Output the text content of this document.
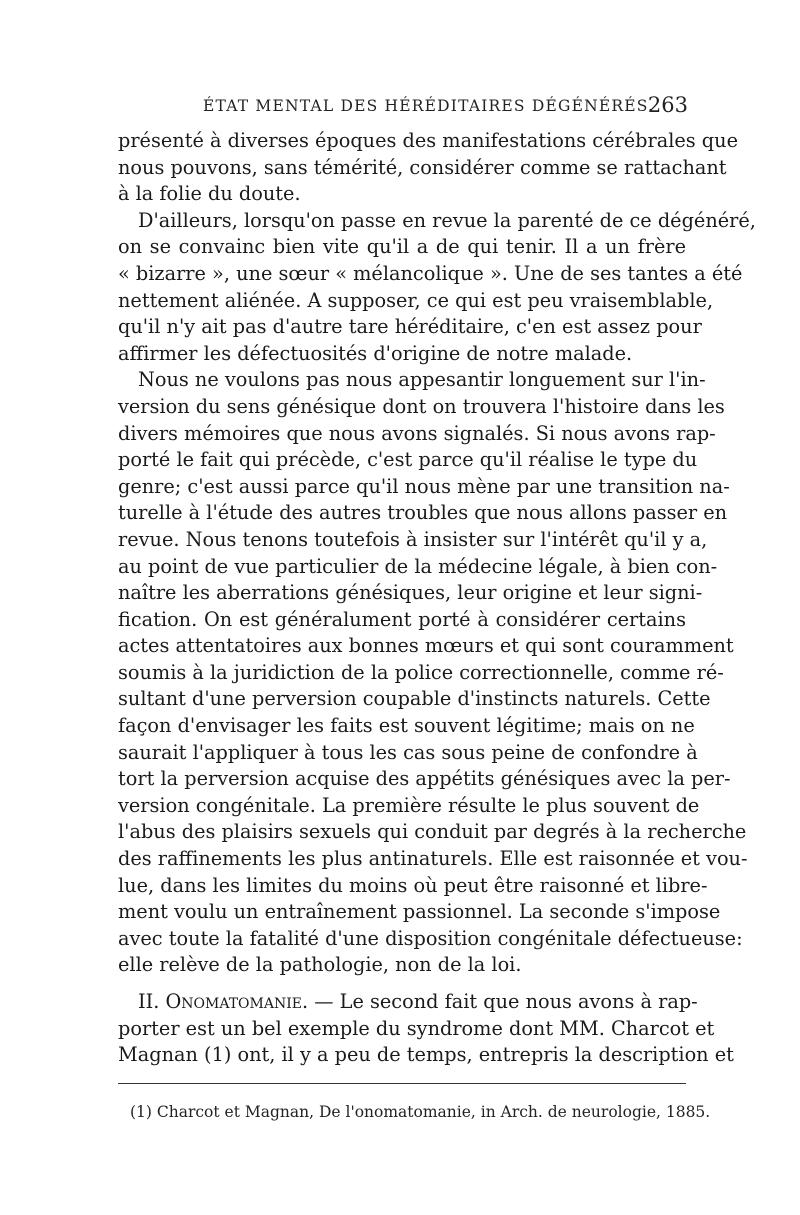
ÉTAT MENTAL DES HÉRÉDITAIRES DÉGÉNÉRÉS.
263
présenté à diverses époques des manifestations cérébrales que
nous pouvons, sans témérité, considérer comme se rattachant
à la folie du doute.
D'ailleurs, lorsqu'on passe en revue la parenté de ce dégénéré,
on se convainc bien vite qu'il a de qui tenir. Il a un frère
« bizarre », une sœur « mélancolique ». Une de ses tantes a été
nettement aliénée. A supposer, ce qui est peu vraisemblable,
qu'il n'y ait pas d'autre tare héréditaire, c'en est assez pour
affirmer les défectuosités d'origine de notre malade.
Nous ne voulons pas nous appesantir longuement sur l'in-
version du sens génésique dont on trouvera l'histoire dans les
divers mémoires que nous avons signalés. Si nous avons rap-
porté le fait qui précède, c'est parce qu'il réalise le type du
genre; c'est aussi parce qu'il nous mène par une transition na-
turelle à l'étude des autres troubles que nous allons passer en
revue. Nous tenons toutefois à insister sur l'intérêt qu'il y a,
au point de vue particulier de la médecine légale, à bien con-
naître les aberrations génésiques, leur origine et leur signi-
fication. On est généralument porté à considérer certains
actes attentatoires aux bonnes mœurs et qui sont couramment
soumis à la juridiction de la police correctionnelle, comme ré-
sultant d'une perversion coupable d'instincts naturels. Cette
façon d'envisager les faits est souvent légitime; mais on ne
saurait l'appliquer à tous les cas sous peine de confondre à
tort la perversion acquise des appétits génésiques avec la per-
version congénitale. La première résulte le plus souvent de
l'abus des plaisirs sexuels qui conduit par degrés à la recherche
des raffinements les plus antinaturels. Elle est raisonnée et vou-
lue, dans les limites du moins où peut être raisonné et libre-
ment voulu un entraînement passionnel. La seconde s'impose
avec toute la fatalité d'une disposition congénitale défectueuse:
elle relève de la pathologie, non de la loi.
II. Onomatomanie. — Le second fait que nous avons à rap-
porter est un bel exemple du syndrome dont MM. Charcot et
Magnan (1) ont, il y a peu de temps, entrepris la description et
(1) Charcot et Magnan, De l'onomatomanie, in Arch. de neurologie, 1885.
